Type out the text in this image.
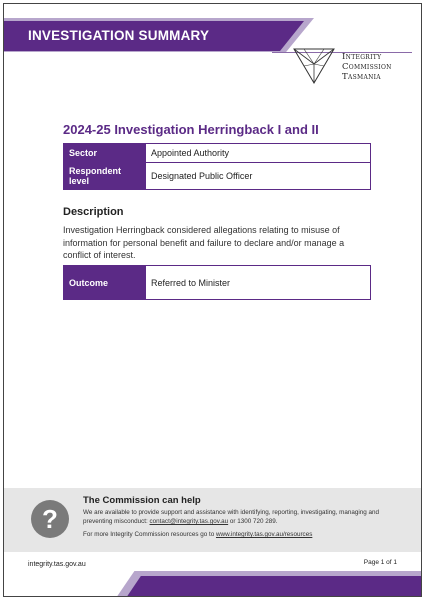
INVESTIGATION SUMMARY
Integrity
Commission
Tasmania
2024-25 Investigation Herringback I and II
Sector	Appointed Authority
Respondent level	Designated Public Officer
Description
Investigation Herringback considered allegations relating to misuse of information for personal benefit and failure to declare and/or manage a conflict of interest.
Outcome	Referred to Minister
?
The Commission can help
We are available to provide support and assistance with identifying, reporting, investigating, managing and preventing misconduct: contact@integrity.tas.gov.au or 1300 720 289.
For more Integrity Commission resources go to www.integrity.tas.gov.au/resources
integrity.tas.gov.au	Page 1 of 1
